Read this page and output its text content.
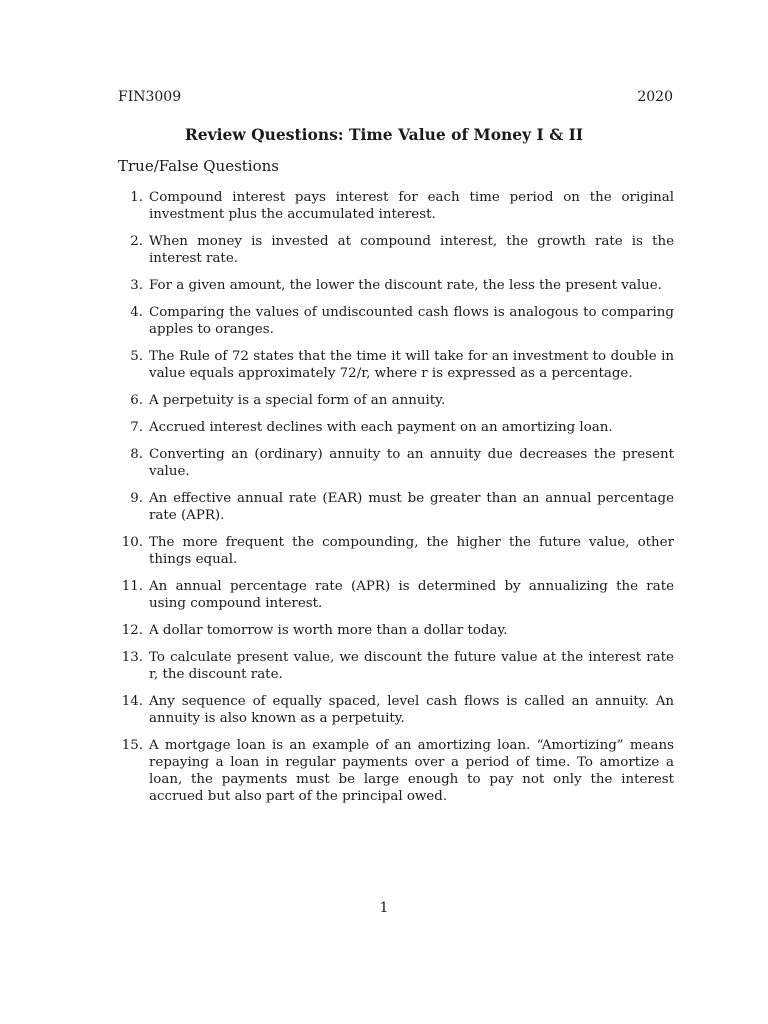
FIN3009	2020
Review Questions: Time Value of Money I & II
True/False Questions
1. Compound interest pays interest for each time period on the original investment plus the accumulated interest.
2. When money is invested at compound interest, the growth rate is the interest rate.
3. For a given amount, the lower the discount rate, the less the present value.
4. Comparing the values of undiscounted cash flows is analogous to comparing apples to oranges.
5. The Rule of 72 states that the time it will take for an investment to double in value equals approximately 72/r, where r is expressed as a percentage.
6. A perpetuity is a special form of an annuity.
7. Accrued interest declines with each payment on an amortizing loan.
8. Converting an (ordinary) annuity to an annuity due decreases the present value.
9. An effective annual rate (EAR) must be greater than an annual percentage rate (APR).
10. The more frequent the compounding, the higher the future value, other things equal.
11. An annual percentage rate (APR) is determined by annualizing the rate using compound interest.
12. A dollar tomorrow is worth more than a dollar today.
13. To calculate present value, we discount the future value at the interest rate r, the discount rate.
14. Any sequence of equally spaced, level cash flows is called an annuity. An annuity is also known as a perpetuity.
15. A mortgage loan is an example of an amortizing loan. “Amortizing” means repaying a loan in regular payments over a period of time. To amortize a loan, the payments must be large enough to pay not only the interest accrued but also part of the principal owed.
1
